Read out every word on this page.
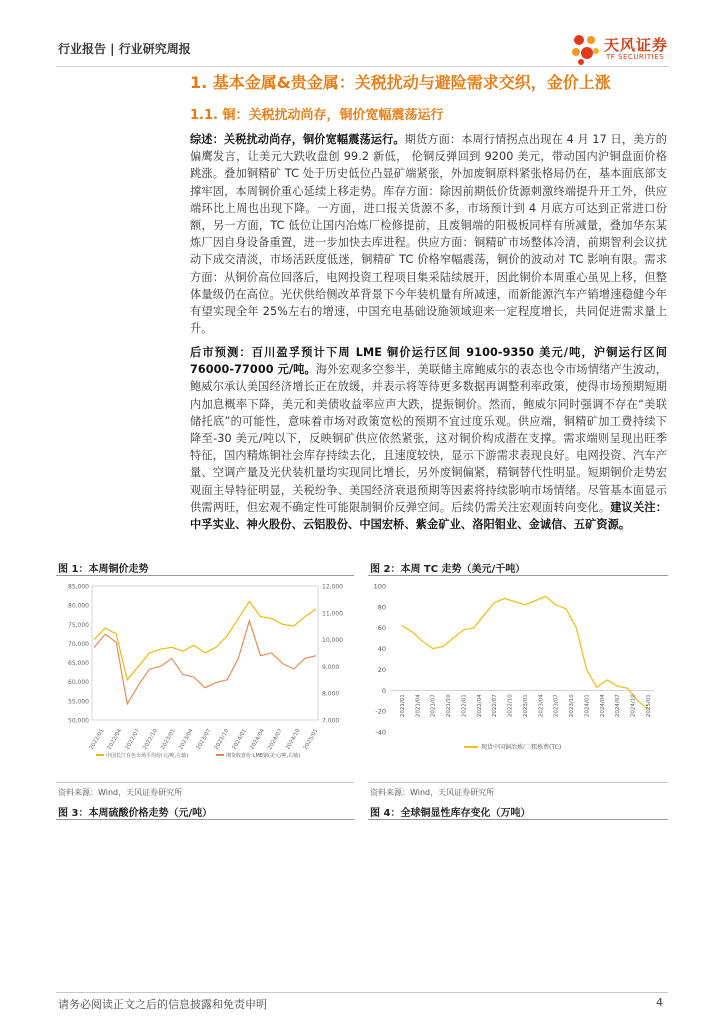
行业报告 | 行业研究周报	天风证券
TF SECURITIES
1. 基本金属&贵金属：关税扰动与避险需求交织，金价上涨
1.1. 铜：关税扰动尚存，铜价宽幅震荡运行
综述：关税扰动尚存，铜价宽幅震荡运行。期货方面：本周行情拐点出现在 4 月 17 日，美方的偏鹰发言，让美元大跌收盘创 99.2 新低， 伦铜反弹回到 9200 美元，带动国内沪铜盘面价格跳涨。叠加铜精矿 TC 处于历史低位凸显矿端紧张，外加废铜原料紧张格局仍在，基本面底部支撑牢固，本周铜价重心延续上移走势。库存方面：除因前期低价货源刺激终端提升开工外，供应端环比上周也出现下降。一方面，进口报关货源不多，市场预计到 4 月底方可达到正常进口份额，另一方面，TC 低位让国内冶炼厂检修提前，且废铜端的阳极板同样有所减量，叠加华东某炼厂因自身设备重置，进一步加快去库进程。供应方面：铜精矿市场整体冷清，前期智利会议扰动下成交清淡，市场活跃度低迷，铜精矿 TC 价格窄幅震荡，铜价的波动对 TC 影响有限。需求方面：从铜价高位回落后，电网投资工程项目集采陆续展开，因此铜价本周重心虽见上移，但整体量级仍在高位。光伏供给侧改革背景下今年装机量有所减速，而新能源汽车产销增速稳健今年有望实现全年 25%左右的增速，中国充电基础设施领域迎来一定程度增长，共同促进需求量上升。
后市预测：百川盈孚预计下周 LME 铜价运行区间 9100-9350 美元/吨，沪铜运行区间 76000-77000 元/吨。海外宏观多空参半，美联储主席鲍威尔的表态也令市场情绪产生波动，鲍威尔承认美国经济增长正在放缓，并表示将等待更多数据再调整利率政策，使得市场预期短期内加息概率下降，美元和美债收益率应声大跌，提振铜价。然而，鲍威尔同时强调不存在“美联储托底”的可能性，意味着市场对政策宽松的预期不宜过度乐观。供应端，铜精矿加工费持续下降至-30 美元/吨以下，反映铜矿供应依然紧张，这对铜价构成潜在支撑。需求端则呈现出旺季特征，国内精炼铜社会库存持续去化，且速度较快，显示下游需求表现良好。电网投资、汽车产量、空调产量及光伏装机量均实现同比增长，另外废铜偏紧，精铜替代性明显。短期铜价走势宏观面主导特征明显，关税纷争、美国经济衰退预期等因素将持续影响市场情绪。尽管基本面显示供需两旺，但宏观不确定性可能限制铜价反弹空间。后续仍需关注宏观面转向变化。建议关注：中孚实业、神火股份、云铝股份、中国宏桥、紫金矿业、洛阳钼业、金诚信、五矿资源。
图 1：本周铜价走势
50,000
55,000
60,000
65,000
70,000
75,000
80,000
85,000
7,000
8,000
9,000
10,000
11,000
12,000
2022/01 2022/04 2022/07 2022/10 2023/01 2023/04 2023/07 2023/10 2024/01 2024/04 2024/07 2024/10 2025/01
中国长江有色市场平均价(元/吨,左轴)	期货收盘价:LME铜(美元/吨,右轴)
资料来源：Wind，天风证券研究所
图 2：本周 TC 走势（美元/千吨）
-40
-20
0
20
40
60
80
100
2021/01 2021/04 2021/07 2021/10 2022/01 2022/04 2022/07 2022/10 2023/01 2023/04 2023/07 2023/10 2024/01 2024/04 2024/07 2024/10 2025/01
现货中国铜冶炼厂:粗炼费(TC)
资料来源：Wind，天风证券研究所
图 3：本周硫酸价格走势（元/吨）	图 4：全球铜显性库存变化（万吨）
请务必阅读正文之后的信息披露和免责申明	4
